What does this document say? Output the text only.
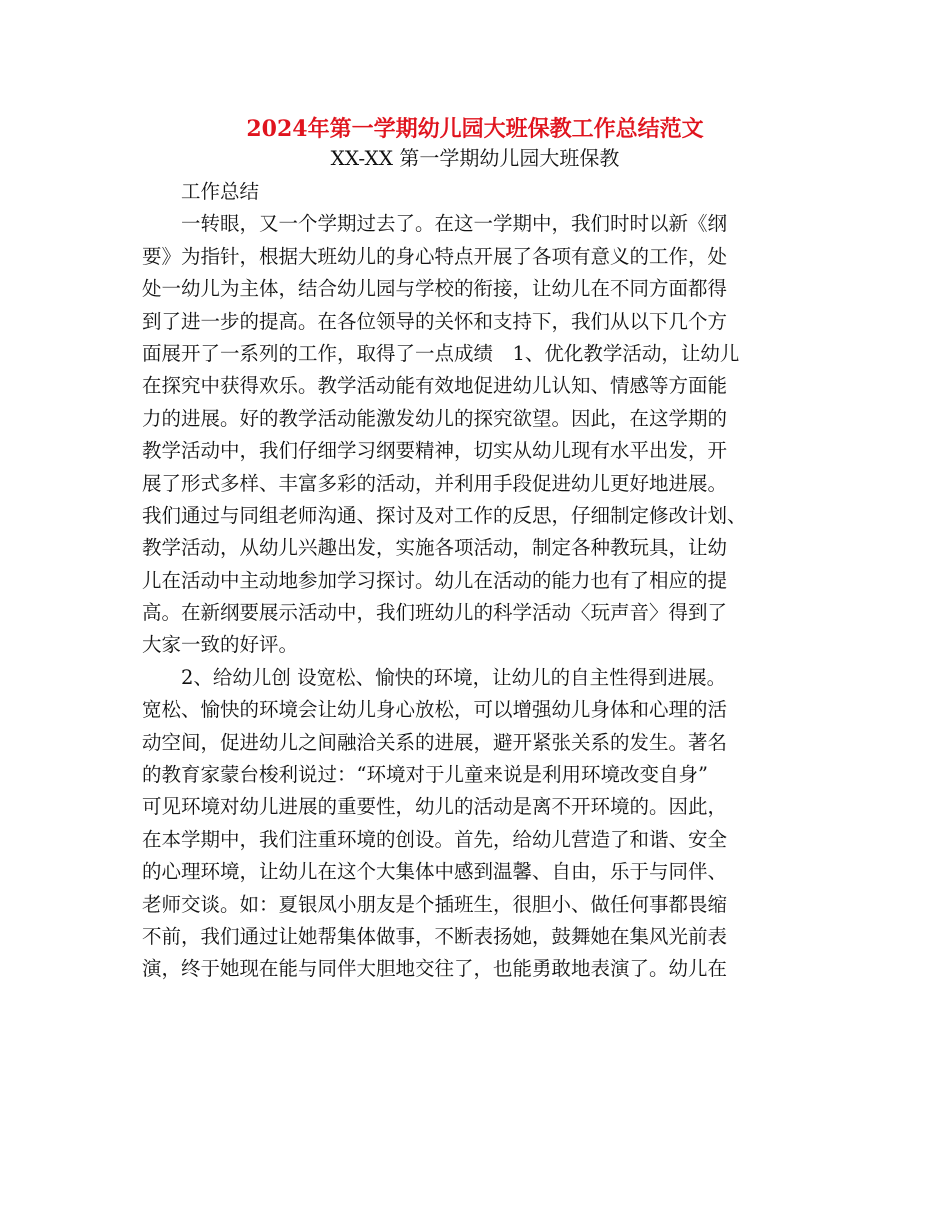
2024年第一学期幼儿园大班保教工作总结范文
XX-XX 第一学期幼儿园大班保教
　　工作总结
　　一转眼，又一个学期过去了。在这一学期中，我们时时以新《纲
要》为指针，根据大班幼儿的身心特点开展了各项有意义的工作，处
处一幼儿为主体，结合幼儿园与学校的衔接，让幼儿在不同方面都得
到了进一步的提高。在各位领导的关怀和支持下，我们从以下几个方
面展开了一系列的工作，取得了一点成绩　1、优化教学活动，让幼儿
在探究中获得欢乐。教学活动能有效地促进幼儿认知、情感等方面能
力的进展。好的教学活动能激发幼儿的探究欲望。因此，在这学期的
教学活动中，我们仔细学习纲要精神，切实从幼儿现有水平出发，开
展了形式多样、丰富多彩的活动，并利用手段促进幼儿更好地进展。
我们通过与同组老师沟通、探讨及对工作的反思，仔细制定修改计划、
教学活动，从幼儿兴趣出发，实施各项活动，制定各种教玩具，让幼
儿在活动中主动地参加学习探讨。幼儿在活动的能力也有了相应的提
高。在新纲要展示活动中，我们班幼儿的科学活动〈玩声音〉得到了
大家一致的好评。
　　2、给幼儿创 设宽松、愉快的环境，让幼儿的自主性得到进展。
宽松、愉快的环境会让幼儿身心放松，可以增强幼儿身体和心理的活
动空间，促进幼儿之间融洽关系的进展，避开紧张关系的发生。著名
的教育家蒙台梭利说过：“环境对于儿童来说是利用环境改变自身”
可见环境对幼儿进展的重要性，幼儿的活动是离不开环境的。因此，
在本学期中，我们注重环境的创设。首先，给幼儿营造了和谐、安全
的心理环境，让幼儿在这个大集体中感到温馨、自由，乐于与同伴、
老师交谈。如：夏银凤小朋友是个插班生，很胆小、做任何事都畏缩
不前，我们通过让她帮集体做事，不断表扬她，鼓舞她在集风光前表
演，终于她现在能与同伴大胆地交往了，也能勇敢地表演了。幼儿在
